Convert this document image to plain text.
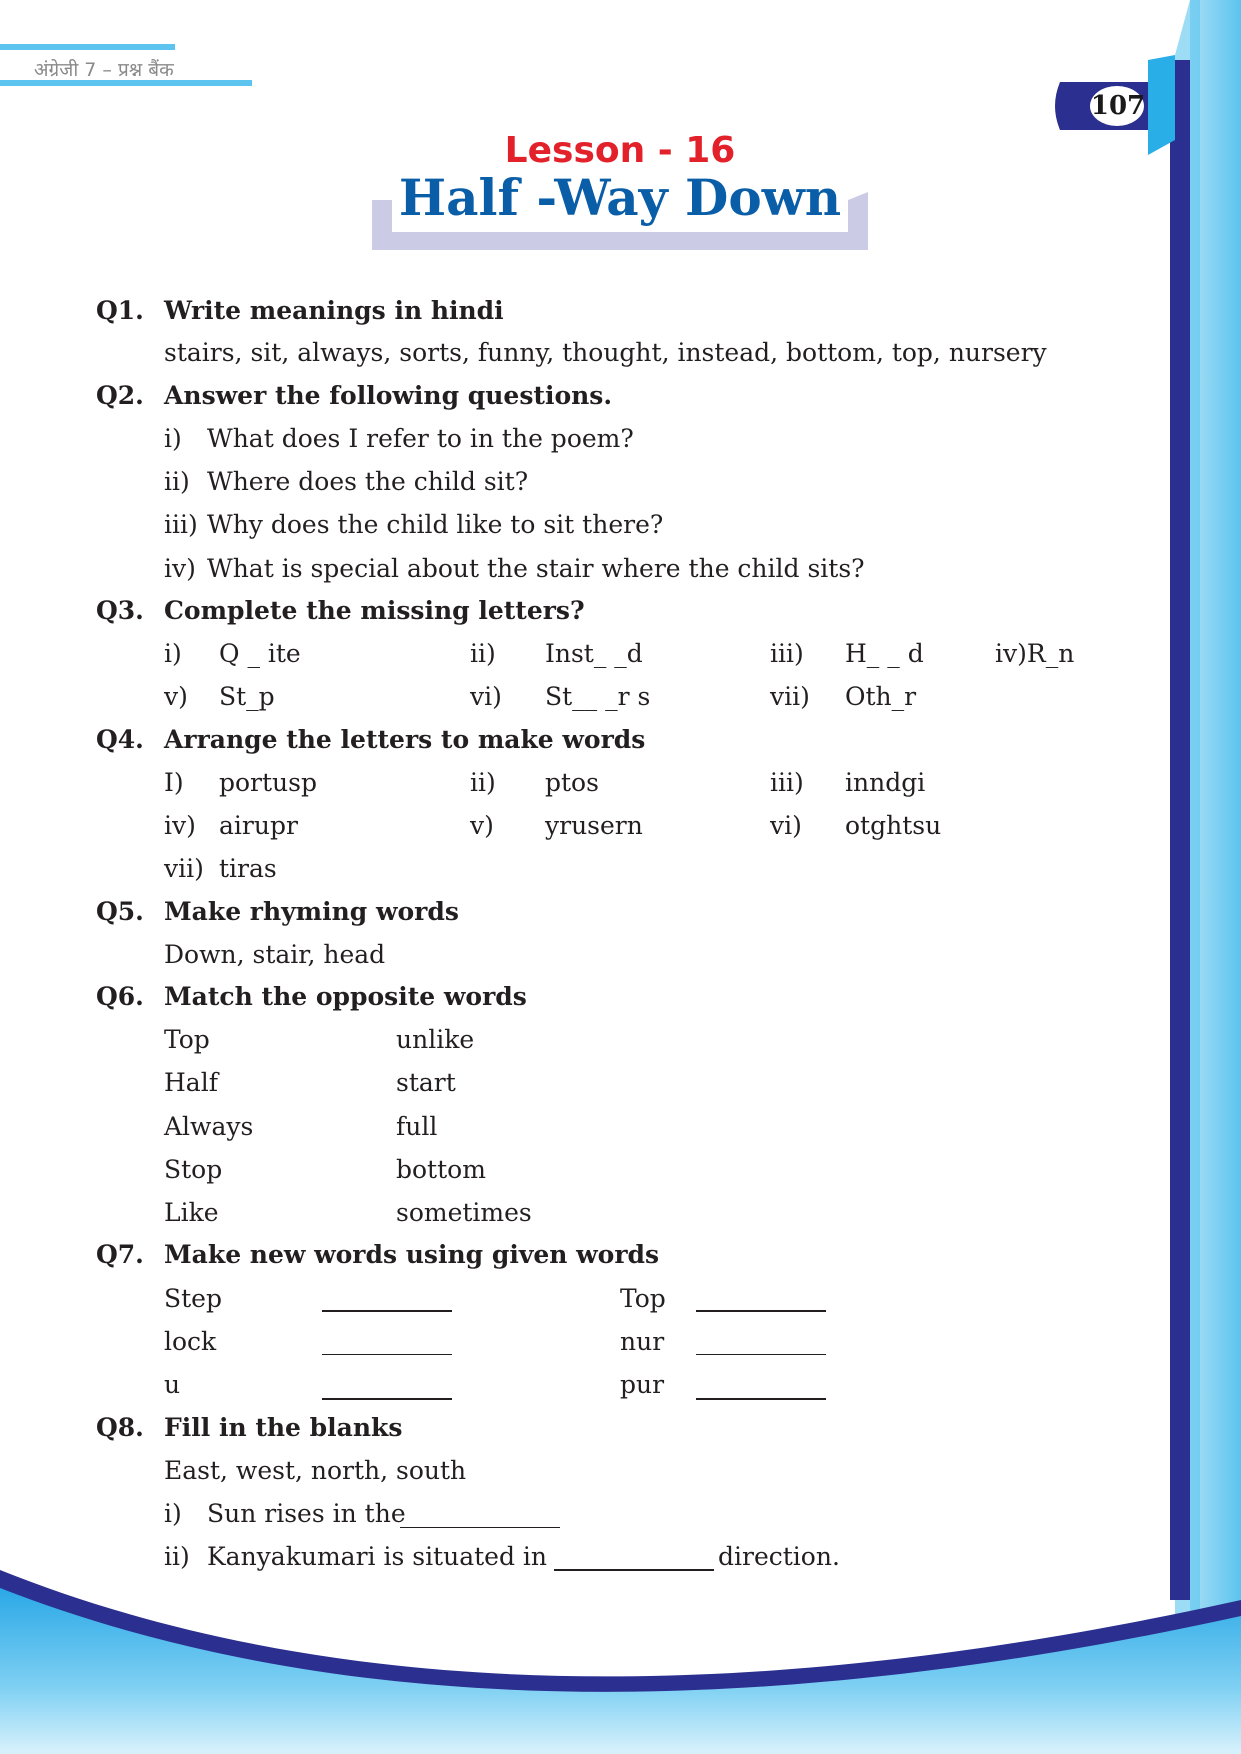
अंग्रेजी 7 – प्रश्न बैंक
107
Lesson - 16
Half -Way Down
Q1. Write meanings in hindi
stairs, sit, always, sorts, funny, thought, instead, bottom, top, nursery
Q2. Answer the following questions.
i) What does I refer to in the poem?
ii) Where does the child sit?
iii) Why does the child like to sit there?
iv) What is special about the stair where the child sits?
Q3. Complete the missing letters?
i) Q _ ite	ii) Inst_ _d	iii) H_ _ d	iv)R_n
v) St_p	vi) St__ _r s	vii) Oth_r
Q4. Arrange the letters to make words
I) portusp	ii) ptos	iii) inndgi
iv) airupr	v) yrusern	vi) otghtsu
vii) tiras
Q5. Make rhyming words
Down, stair, head
Q6. Match the opposite words
Top	unlike
Half	start
Always	full
Stop	bottom
Like	sometimes
Q7. Make new words using given words
Step	Top
lock	nur
u	pur
Q8. Fill in the blanks
East, west, north, south
i) Sun rises in the
ii) Kanyakumari is situated in	direction.
